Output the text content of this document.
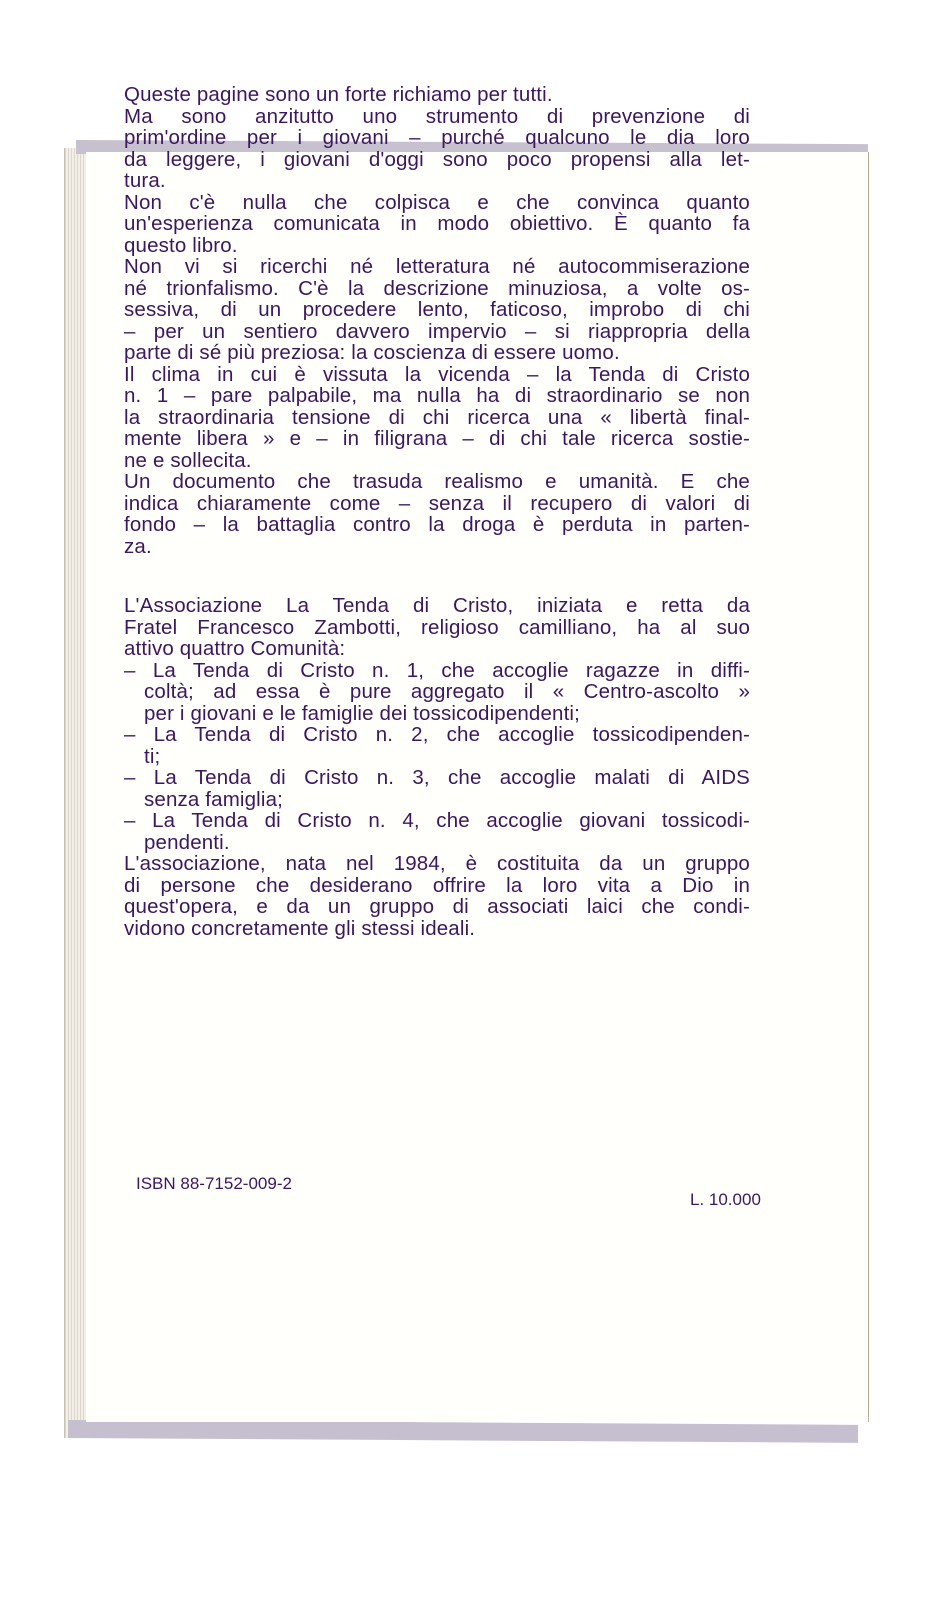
Queste pagine sono un forte richiamo per tutti.
Ma sono anzitutto uno strumento di prevenzione di
prim'ordine per i giovani – purché qualcuno le dia loro
da leggere, i giovani d'oggi sono poco propensi alla let-
tura.
Non c'è nulla che colpisca e che convinca quanto
un'esperienza comunicata in modo obiettivo. È quanto fa
questo libro.
Non vi si ricerchi né letteratura né autocommiserazione
né trionfalismo. C'è la descrizione minuziosa, a volte os-
sessiva, di un procedere lento, faticoso, improbo di chi
– per un sentiero davvero impervio – si riappropria della
parte di sé più preziosa: la coscienza di essere uomo.
Il clima in cui è vissuta la vicenda – la Tenda di Cristo
n. 1 – pare palpabile, ma nulla ha di straordinario se non
la straordinaria tensione di chi ricerca una « libertà final-
mente libera » e – in filigrana – di chi tale ricerca sostie-
ne e sollecita.
Un documento che trasuda realismo e umanità. E che
indica chiaramente come – senza il recupero di valori di
fondo – la battaglia contro la droga è perduta in parten-
za.
L'Associazione La Tenda di Cristo, iniziata e retta da
Fratel Francesco Zambotti, religioso camilliano, ha al suo
attivo quattro Comunità:
– La Tenda di Cristo n. 1, che accoglie ragazze in diffi-
coltà; ad essa è pure aggregato il « Centro-ascolto »
per i giovani e le famiglie dei tossicodipendenti;
– La Tenda di Cristo n. 2, che accoglie tossicodipenden-
ti;
– La Tenda di Cristo n. 3, che accoglie malati di AIDS
senza famiglia;
– La Tenda di Cristo n. 4, che accoglie giovani tossicodi-
pendenti.
L'associazione, nata nel 1984, è costituita da un gruppo
di persone che desiderano offrire la loro vita a Dio in
quest'opera, e da un gruppo di associati laici che condi-
vidono concretamente gli stessi ideali.
ISBN 88-7152-009-2
L. 10.000
